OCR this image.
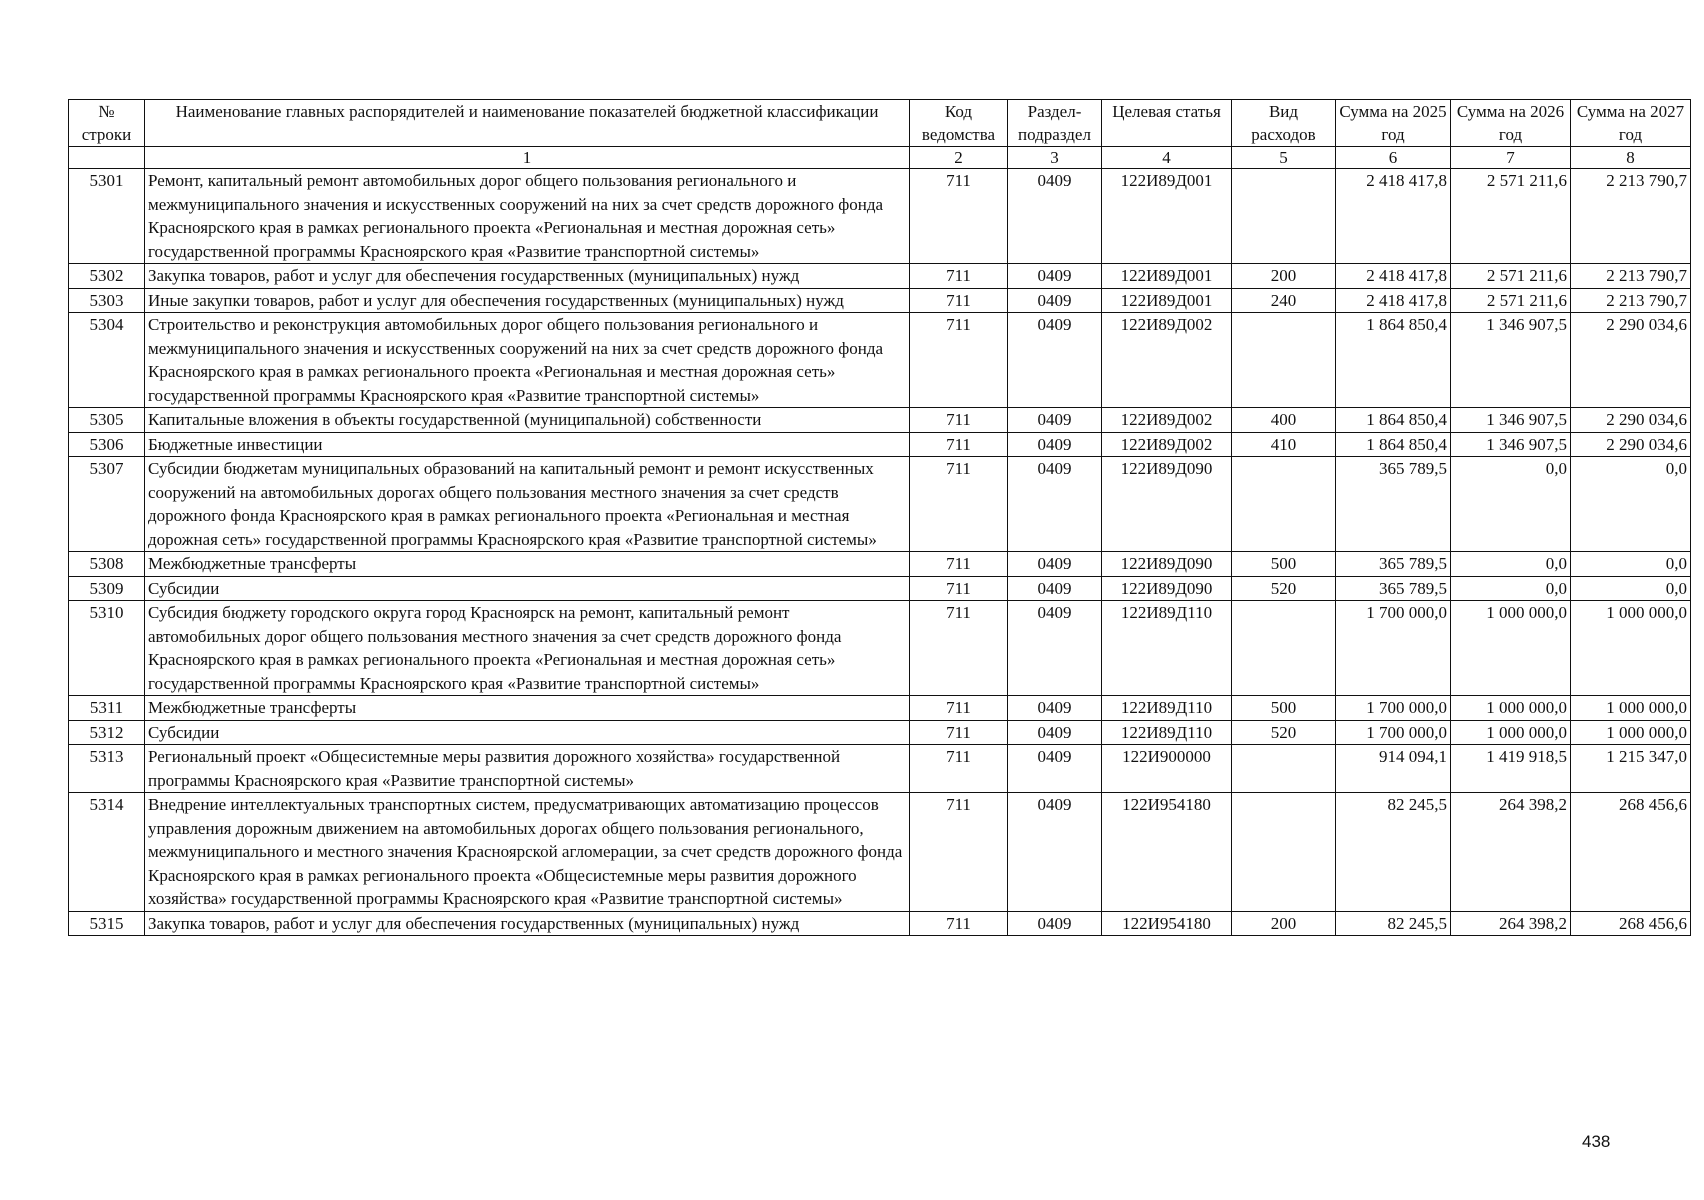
№ строки	Наименование главных распорядителей и наименование показателей бюджетной классификации	Код ведомства	Раздел- подраздел	Целевая статья	Вид расходов	Сумма на 2025 год	Сумма на 2026 год	Сумма на 2027 год
	1	2	3	4	5	6	7	8
5301	Ремонт, капитальный ремонт автомобильных дорог общего пользования регионального и межмуниципального значения и искусственных сооружений на них за счет средств дорожного фонда Красноярского края в рамках регионального проекта «Региональная и местная дорожная сеть» государственной программы Красноярского края «Развитие транспортной системы»	711	0409	122И89Д001		2 418 417,8	2 571 211,6	2 213 790,7
5302	Закупка товаров, работ и услуг для обеспечения государственных (муниципальных) нужд	711	0409	122И89Д001	200	2 418 417,8	2 571 211,6	2 213 790,7
5303	Иные закупки товаров, работ и услуг для обеспечения государственных (муниципальных) нужд	711	0409	122И89Д001	240	2 418 417,8	2 571 211,6	2 213 790,7
5304	Строительство и реконструкция автомобильных дорог общего пользования регионального и межмуниципального значения и искусственных сооружений на них за счет средств дорожного фонда Красноярского края в рамках регионального проекта «Региональная и местная дорожная сеть» государственной программы Красноярского края «Развитие транспортной системы»	711	0409	122И89Д002		1 864 850,4	1 346 907,5	2 290 034,6
5305	Капитальные вложения в объекты государственной (муниципальной) собственности	711	0409	122И89Д002	400	1 864 850,4	1 346 907,5	2 290 034,6
5306	Бюджетные инвестиции	711	0409	122И89Д002	410	1 864 850,4	1 346 907,5	2 290 034,6
5307	Субсидии бюджетам муниципальных образований на капитальный ремонт и ремонт искусственных сооружений на автомобильных дорогах общего пользования местного значения за счет средств дорожного фонда Красноярского края в рамках регионального проекта «Региональная и местная дорожная сеть» государственной программы Красноярского края «Развитие транспортной системы»	711	0409	122И89Д090		365 789,5	0,0	0,0
5308	Межбюджетные трансферты	711	0409	122И89Д090	500	365 789,5	0,0	0,0
5309	Субсидии	711	0409	122И89Д090	520	365 789,5	0,0	0,0
5310	Субсидия бюджету городского округа город Красноярск на ремонт, капитальный ремонт автомобильных дорог общего пользования местного значения за счет средств дорожного фонда Красноярского края в рамках регионального проекта «Региональная и местная дорожная сеть» государственной программы Красноярского края «Развитие транспортной системы»	711	0409	122И89Д110		1 700 000,0	1 000 000,0	1 000 000,0
5311	Межбюджетные трансферты	711	0409	122И89Д110	500	1 700 000,0	1 000 000,0	1 000 000,0
5312	Субсидии	711	0409	122И89Д110	520	1 700 000,0	1 000 000,0	1 000 000,0
5313	Региональный проект «Общесистемные меры развития дорожного хозяйства» государственной программы Красноярского края «Развитие транспортной системы»	711	0409	122И900000		914 094,1	1 419 918,5	1 215 347,0
5314	Внедрение интеллектуальных транспортных систем, предусматривающих автоматизацию процессов управления дорожным движением на автомобильных дорогах общего пользования регионального, межмуниципального и местного значения Красноярской агломерации, за счет средств дорожного фонда Красноярского края в рамках регионального проекта «Общесистемные меры развития дорожного хозяйства» государственной программы Красноярского края «Развитие транспортной системы»	711	0409	122И954180		82 245,5	264 398,2	268 456,6
5315	Закупка товаров, работ и услуг для обеспечения государственных (муниципальных) нужд	711	0409	122И954180	200	82 245,5	264 398,2	268 456,6
438
